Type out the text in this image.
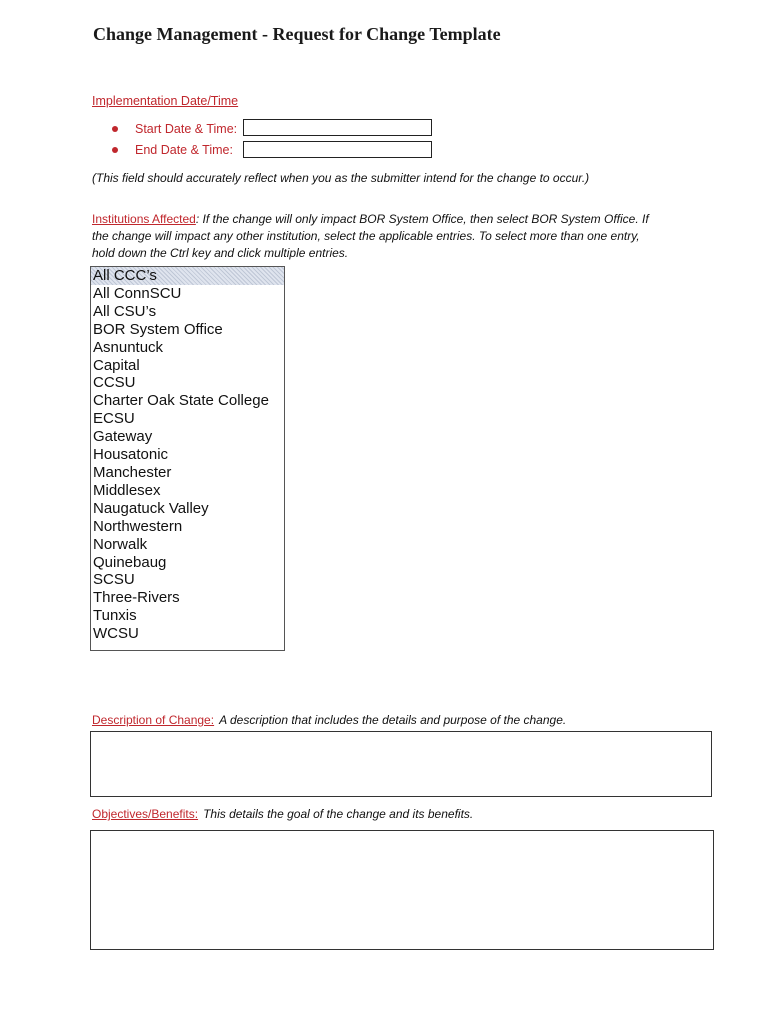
Change Management - Request for Change Template
Implementation Date/Time
Start Date & Time:
End Date & Time:
(This field should accurately reflect when you as the submitter intend for the change to occur.)
Institutions Affected: If the change will only impact BOR System Office, then select BOR System Office. If the change will impact any other institution, select the applicable entries. To select more than one entry, hold down the Ctrl key and click multiple entries.
All CCC’s
All ConnSCU
All CSU’s
BOR System Office
Asnuntuck
Capital
CCSU
Charter Oak State College
ECSU
Gateway
Housatonic
Manchester
Middlesex
Naugatuck Valley
Northwestern
Norwalk
Quinebaug
SCSU
Three-Rivers
Tunxis
WCSU
Description of Change: A description that includes the details and purpose of the change.
Objectives/Benefits: This details the goal of the change and its benefits.
